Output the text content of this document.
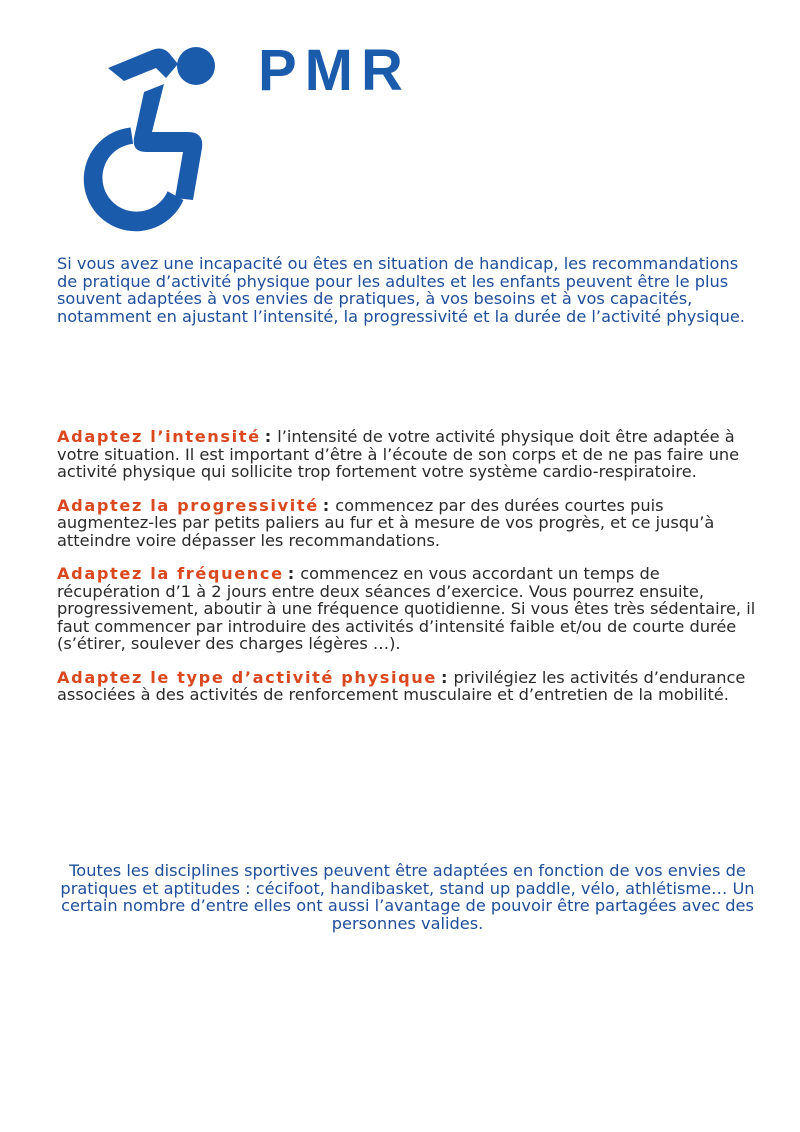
PMR

Si vous avez une incapacité ou êtes en situation de handicap, les recommandations de pratique d’activité physique pour les adultes et les enfants peuvent être le plus souvent adaptées à vos envies de pratiques, à vos besoins et à vos capacités, notamment en ajustant l’intensité, la progressivité et la durée de l’activité physique.

Adaptez l’intensité : l’intensité de votre activité physique doit être adaptée à votre situation. Il est important d’être à l’écoute de son corps et de ne pas faire une activité physique qui sollicite trop fortement votre système cardio-respiratoire.

Adaptez la progressivité : commencez par des durées courtes puis augmentez-les par petits paliers au fur et à mesure de vos progrès, et ce jusqu’à atteindre voire dépasser les recommandations.

Adaptez la fréquence : commencez en vous accordant un temps de récupération d’1 à 2 jours entre deux séances d’exercice. Vous pourrez ensuite, progressivement, aboutir à une fréquence quotidienne. Si vous êtes très sédentaire, il faut commencer par introduire des activités d’intensité faible et/ou de courte durée (s’étirer, soulever des charges légères …).

Adaptez le type d’activité physique : privilégiez les activités d’endurance associées à des activités de renforcement musculaire et d’entretien de la mobilité.

Toutes les disciplines sportives peuvent être adaptées en fonction de vos envies de pratiques et aptitudes : cécifoot, handibasket, stand up paddle, vélo, athlétisme… Un certain nombre d’entre elles ont aussi l’avantage de pouvoir être partagées avec des personnes valides.
